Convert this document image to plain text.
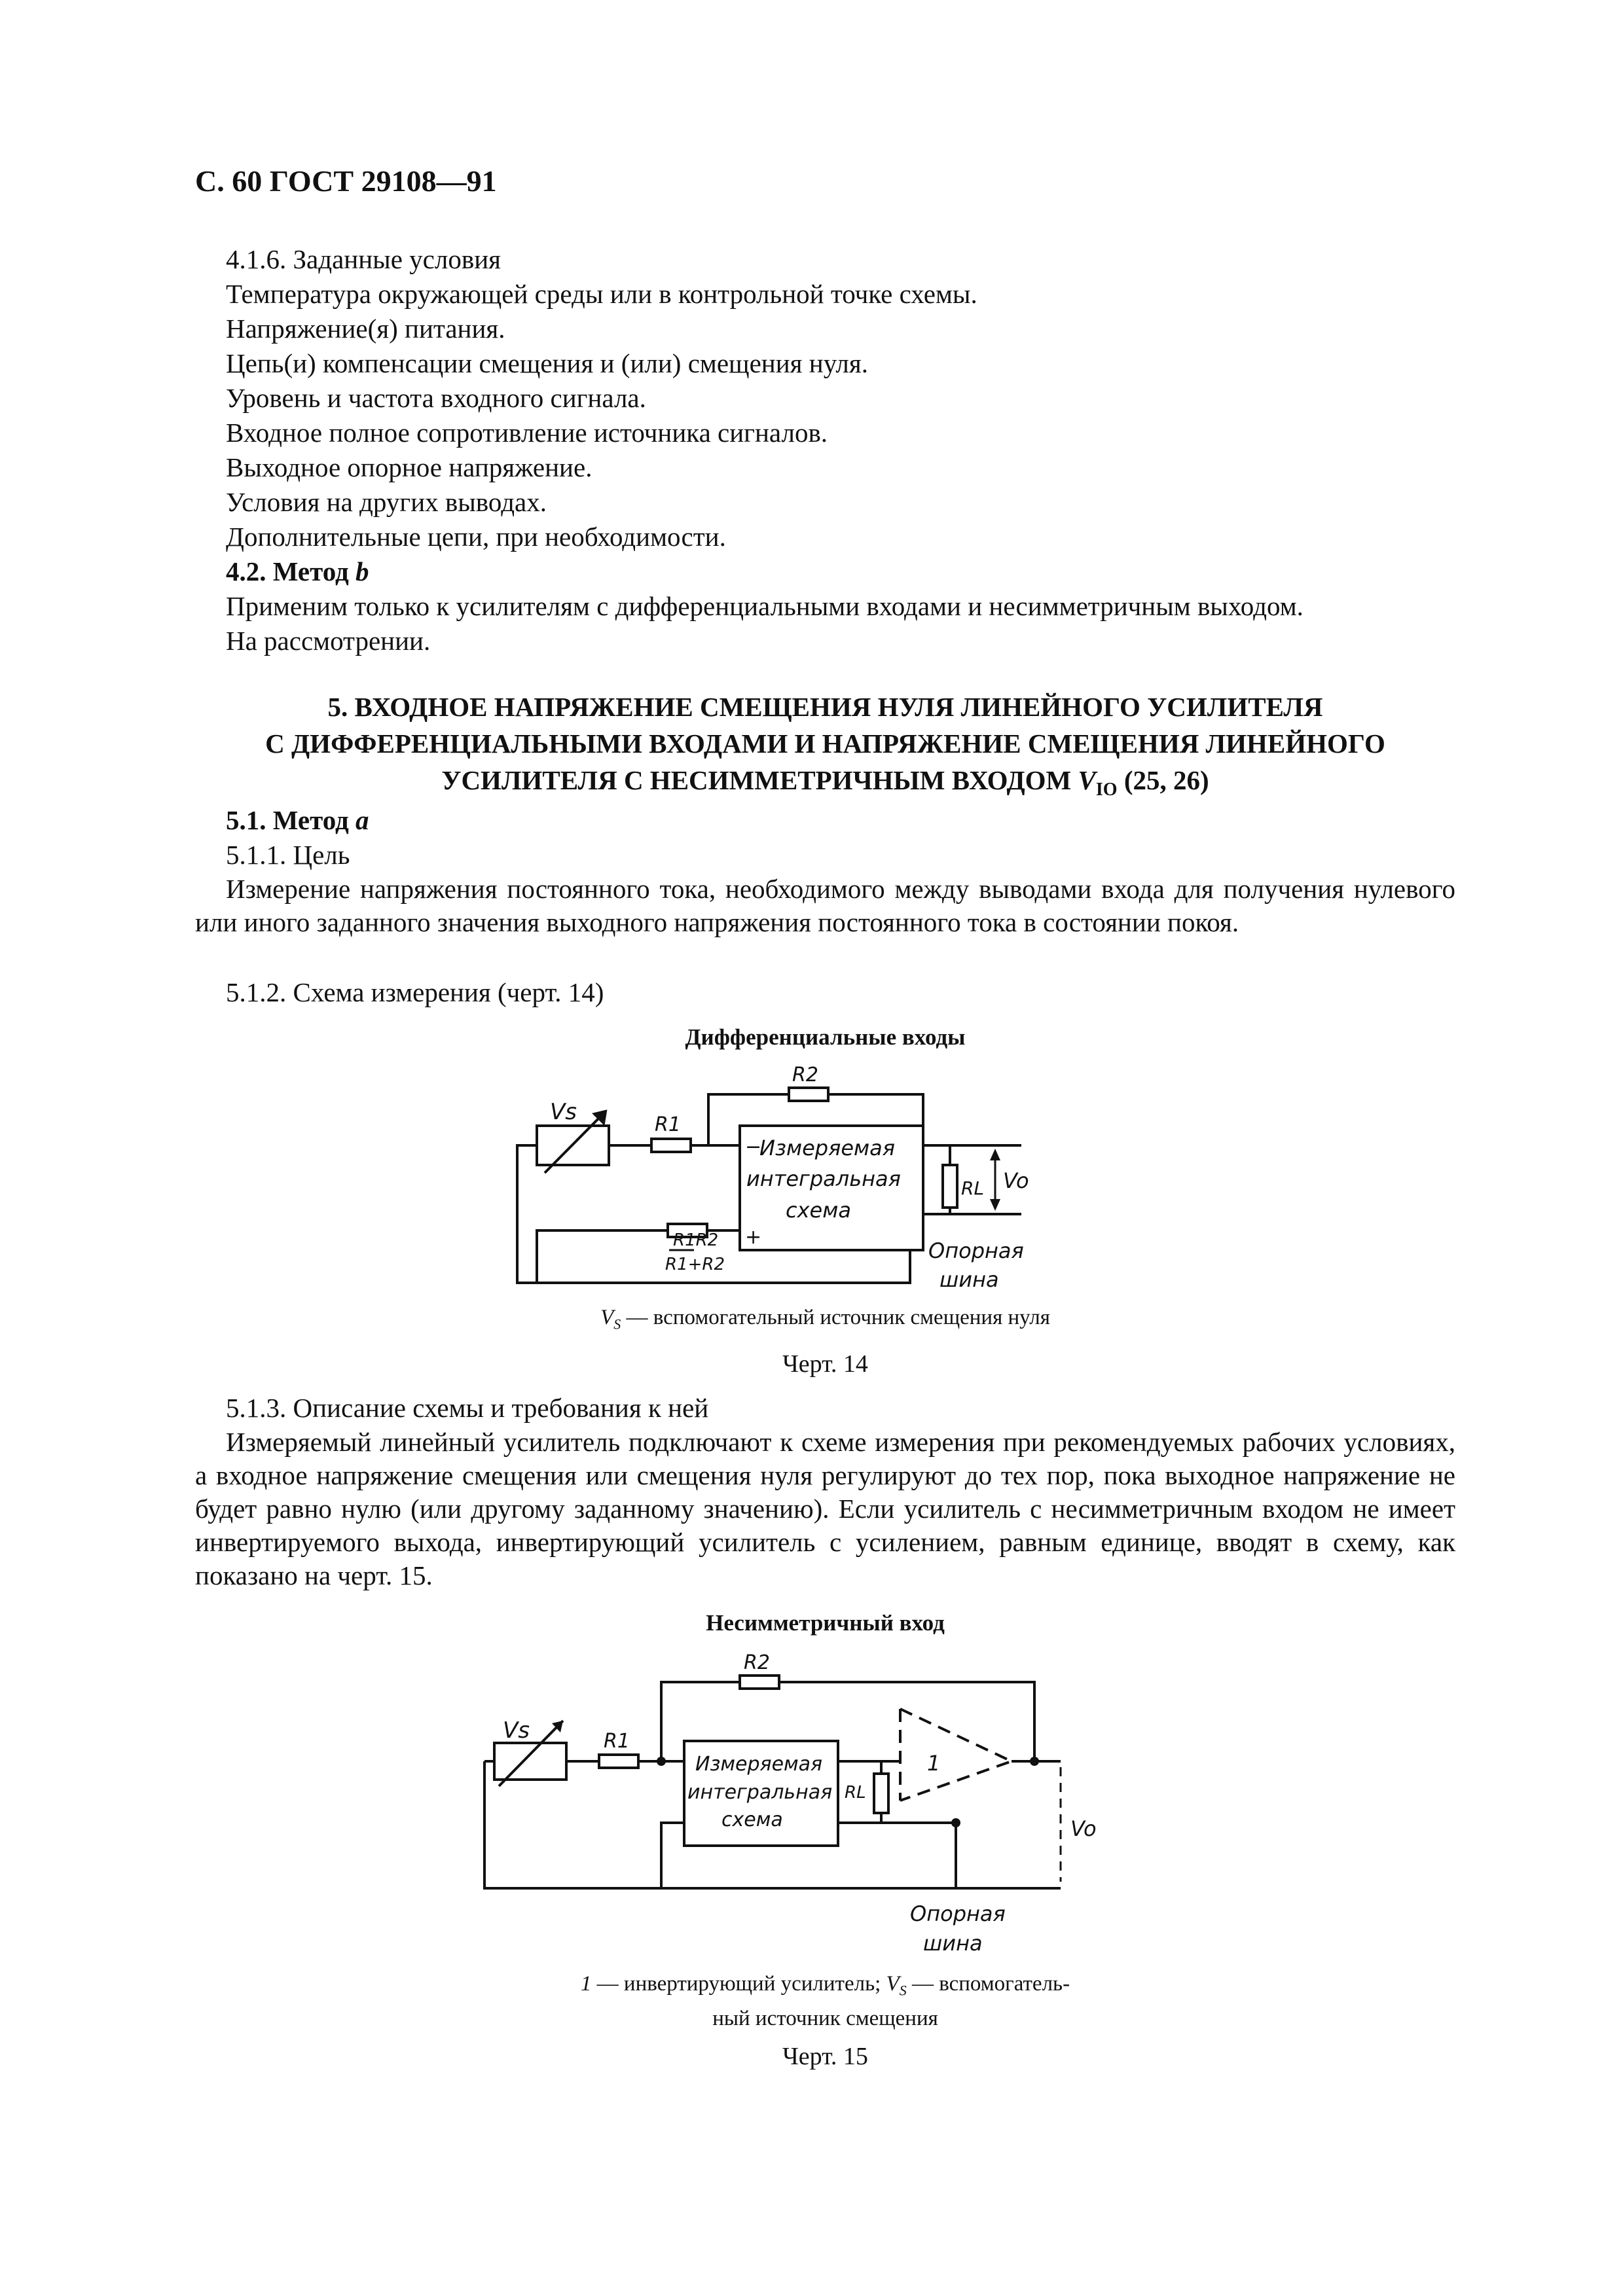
С. 60 ГОСТ 29108—91
4.1.6. Заданные условия
Температура окружающей среды или в контрольной точке схемы.
Напряжение(я) питания.
Цепь(и) компенсации смещения и (или) смещения нуля.
Уровень и частота входного сигнала.
Входное полное сопротивление источника сигналов.
Выходное опорное напряжение.
Условия на других выводах.
Дополнительные цепи, при необходимости.
4.2. Метод b
Применим только к усилителям с дифференциальными входами и несимметричным выходом.
На рассмотрении.
5. ВХОДНОЕ НАПРЯЖЕНИЕ СМЕЩЕНИЯ НУЛЯ ЛИНЕЙНОГО УСИЛИТЕЛЯ
С ДИФФЕРЕНЦИАЛЬНЫМИ ВХОДАМИ И НАПРЯЖЕНИЕ СМЕЩЕНИЯ ЛИНЕЙНОГО
УСИЛИТЕЛЯ С НЕСИММЕТРИЧНЫМ ВХОДОМ $V_{IO}$ (25, 26)
5.1. Метод а
5.1.1. Цель
Измерение напряжения постоянного тока, необходимого между выводами входа для получения нулевого или иного заданного значения выходного напряжения постоянного тока в состоянии покоя.
5.1.2. Схема измерения (черт. 14)
Дифференциальные входы
Vs	R1
R2
−
+
Измеряемая
интегральная
схема
RL Vo
R1R2
R1+R2
Опорная
шина
$V_S$ — вспомогательный источник смещения нуля
Черт. 14
5.1.3. Описание схемы и требования к ней
Измеряемый линейный усилитель подключают к схеме измерения при рекомендуемых рабочих условиях, а входное напряжение смещения или смещения нуля регулируют до тех пор, пока выходное напряжение не будет равно нулю (или другому заданному значению). Если усилитель с несимметричным входом не имеет инвертируемого выхода, инвертирующий усилитель с усилением, равным единице, вводят в схему, как показано на черт. 15.
Несимметричный вход
Vs	R1
R2
Измеряемая
интегральная
схема
RL
1
Vo
Опорная
шина
1 — инвертирующий усилитель; $V_S$ — вспомогатель-
ный источник смещения
Черт. 15
